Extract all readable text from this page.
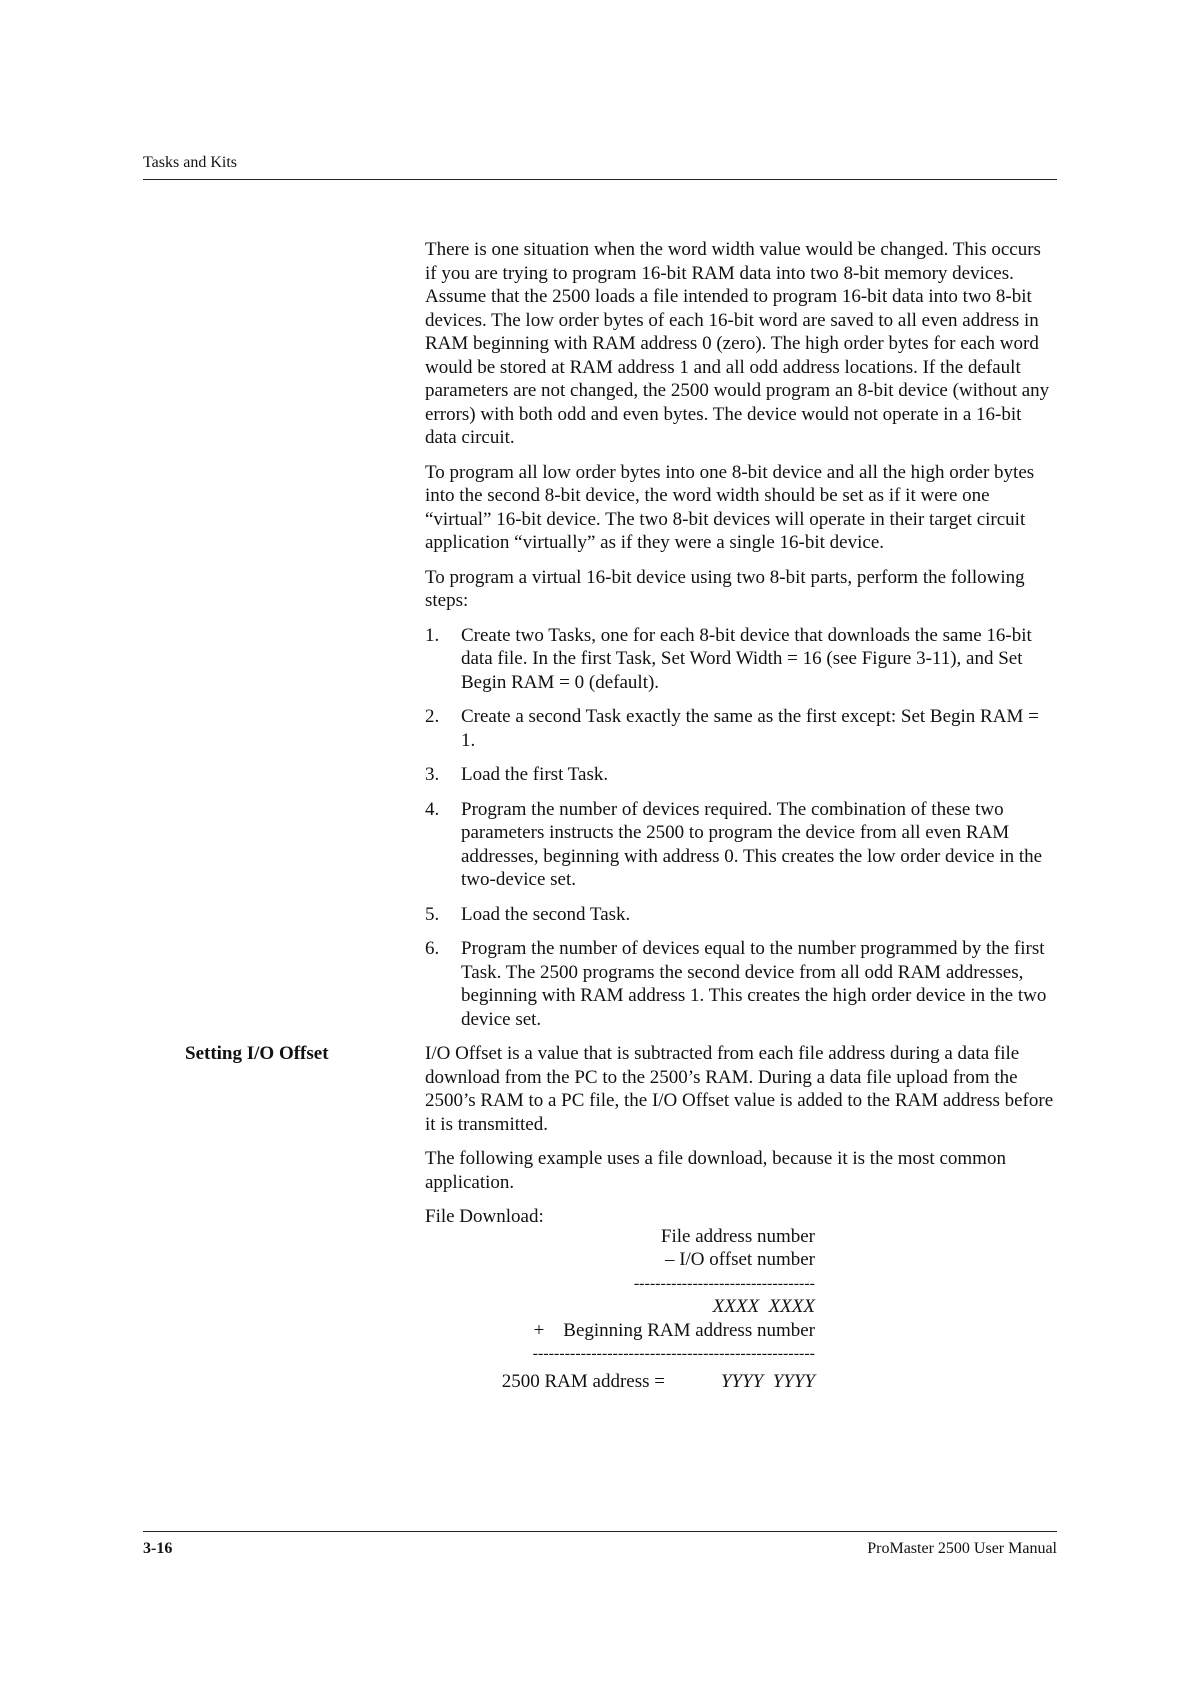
Tasks and Kits

There is one situation when the word width value would be changed. This occurs if you are trying to program 16-bit RAM data into two 8-bit memory devices. Assume that the 2500 loads a file intended to program 16-bit data into two 8-bit devices. The low order bytes of each 16-bit word are saved to all even address in RAM beginning with RAM address 0 (zero). The high order bytes for each word would be stored at RAM address 1 and all odd address locations. If the default parameters are not changed, the 2500 would program an 8-bit device (without any errors) with both odd and even bytes. The device would not operate in a 16-bit data circuit.

To program all low order bytes into one 8-bit device and all the high order bytes into the second 8-bit device, the word width should be set as if it were one “virtual” 16-bit device. The two 8-bit devices will operate in their target circuit application “virtually” as if they were a single 16-bit device.

To program a virtual 16-bit device using two 8-bit parts, perform the following steps:

1. Create two Tasks, one for each 8-bit device that downloads the same 16-bit data file. In the first Task, Set Word Width = 16 (see Figure 3-11), and Set Begin RAM = 0 (default).
2. Create a second Task exactly the same as the first except: Set Begin RAM = 1.
3. Load the first Task.
4. Program the number of devices required. The combination of these two parameters instructs the 2500 to program the device from all even RAM addresses, beginning with address 0. This creates the low order device in the two-device set.
5. Load the second Task.
6. Program the number of devices equal to the number programmed by the first Task. The 2500 programs the second device from all odd RAM addresses, beginning with RAM address 1. This creates the high order device in the two device set.

I/O Offset is a value that is subtracted from each file address during a data file download from the PC to the 2500’s RAM. During a data file upload from the 2500’s RAM to a PC file, the I/O Offset value is added to the RAM address before it is transmitted.

The following example uses a file download, because it is the most common application.

File Download:

File address number
– I/O offset number
----------------------------------
XXXX  XXXX
+    Beginning RAM address number
-----------------------------------------------------
2500 RAM address =	YYYY  YYYY
Setting I/O Offset
3-16	ProMaster 2500 User Manual
